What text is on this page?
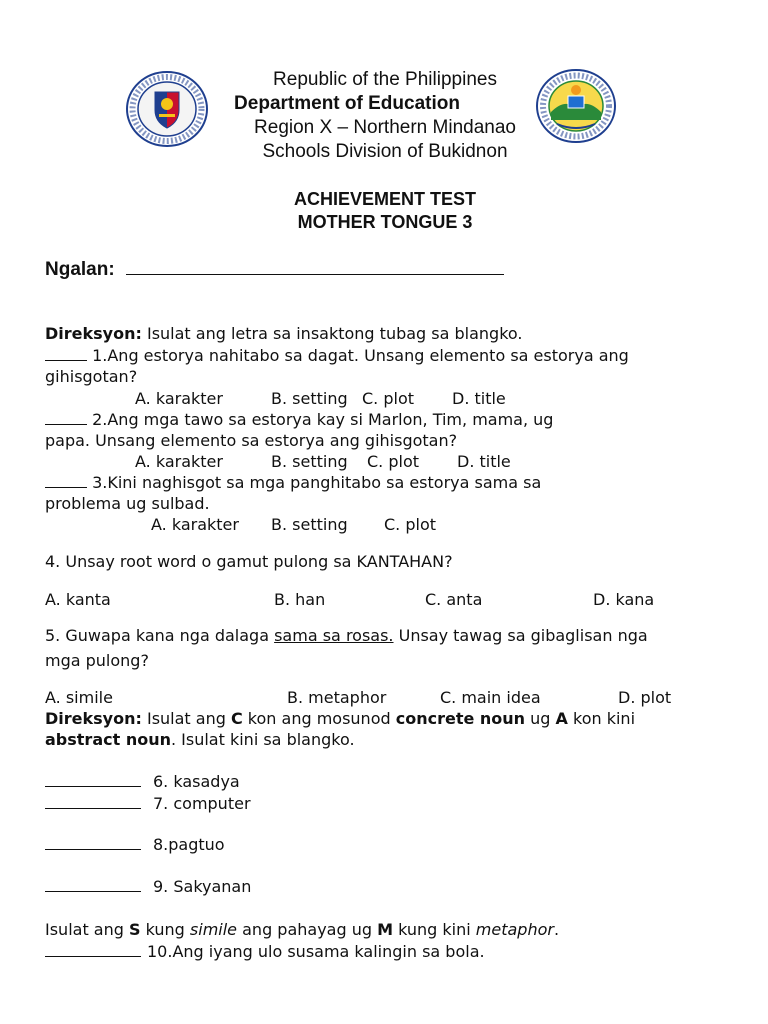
Republic of the Philippines
Department of Education
Region X – Northern Mindanao
Schools Division of Bukidnon
ACHIEVEMENT TEST
MOTHER TONGUE 3
Ngalan:
Direksyon: Isulat ang letra sa insaktong tubag sa blangko.
1.Ang estorya nahitabo sa dagat. Unsang elemento sa estorya ang
gihisgotan?
A. karakter	B. setting C. plot D. title
2.Ang mga tawo sa estorya kay si Marlon, Tim, mama, ug
papa. Unsang elemento sa estorya ang gihisgotan?
A. karakter	B. setting C. plot D. title
3.Kini naghisgot sa mga panghitabo sa estorya sama sa
problema ug sulbad.
A. karakter B. setting C. plot
4. Unsay root word o gamut pulong sa KANTAHAN?
A. kanta	B. han	C. anta	D. kana
5. Guwapa kana nga dalaga sama sa rosas. Unsay tawag sa gibaglisan nga
mga pulong?
A. simile	B. metaphor	C. main idea	D. plot
Direksyon: Isulat ang C kon ang mosunod concrete noun ug A kon kini
abstract noun. Isulat kini sa blangko.
6. kasadya
7. computer
8.pagtuo
9. Sakyanan
Isulat ang S kung simile ang pahayag ug M kung kini metaphor.
10.Ang iyang ulo susama kalingin sa bola.
